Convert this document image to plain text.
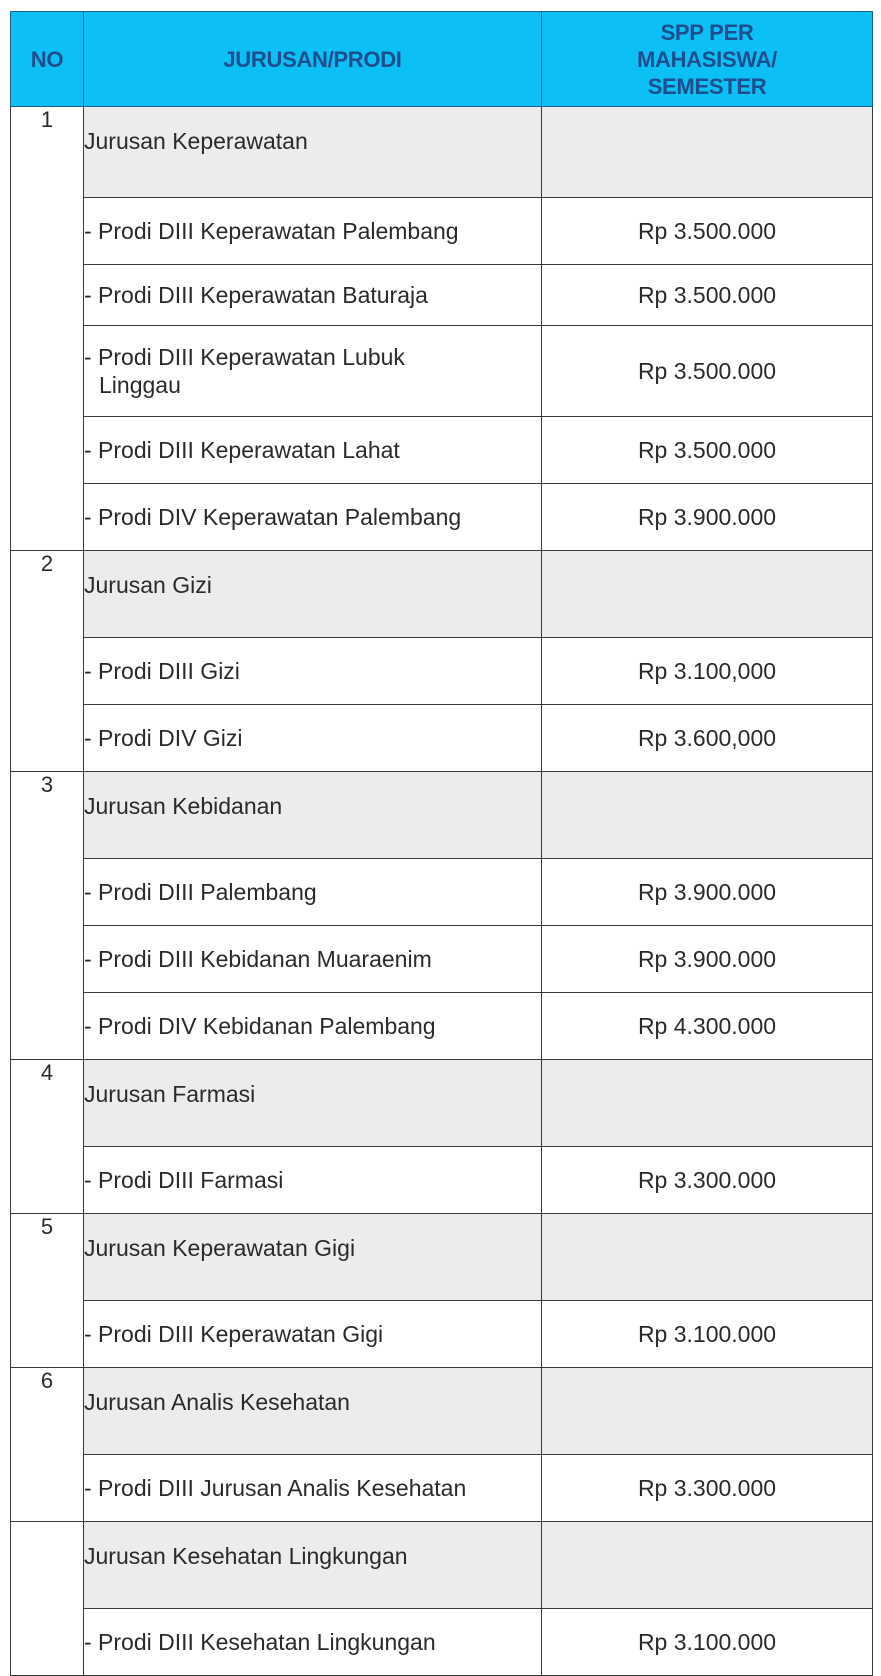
NO	JURUSAN/PRODI	SPP PER MAHASISWA/ SEMESTER
1	Jurusan Keperawatan	

	- Prodi DIII Keperawatan Palembang	Rp 3.500.000

	- Prodi DIII Keperawatan Baturaja	Rp 3.500.000

	- Prodi DIII Keperawatan Lubuk Linggau	Rp 3.500.000

	- Prodi DIII Keperawatan Lahat	Rp 3.500.000

	- Prodi DIV Keperawatan Palembang	Rp 3.900.000
2	Jurusan Gizi	

	- Prodi DIII Gizi	Rp 3.100,000

	- Prodi DIV Gizi	Rp 3.600,000
3	Jurusan Kebidanan	

	- Prodi DIII Palembang	Rp 3.900.000

	- Prodi DIII Kebidanan Muaraenim	Rp 3.900.000

	- Prodi DIV Kebidanan Palembang	Rp 4.300.000
4	Jurusan Farmasi	

	- Prodi DIII Farmasi	Rp 3.300.000
5	Jurusan Keperawatan Gigi	

	- Prodi DIII Keperawatan Gigi	Rp 3.100.000
6	Jurusan Analis Kesehatan	

	- Prodi DIII Jurusan Analis Kesehatan	Rp 3.300.000
	Jurusan Kesehatan Lingkungan	

	- Prodi DIII Kesehatan Lingkungan	Rp 3.100.000
